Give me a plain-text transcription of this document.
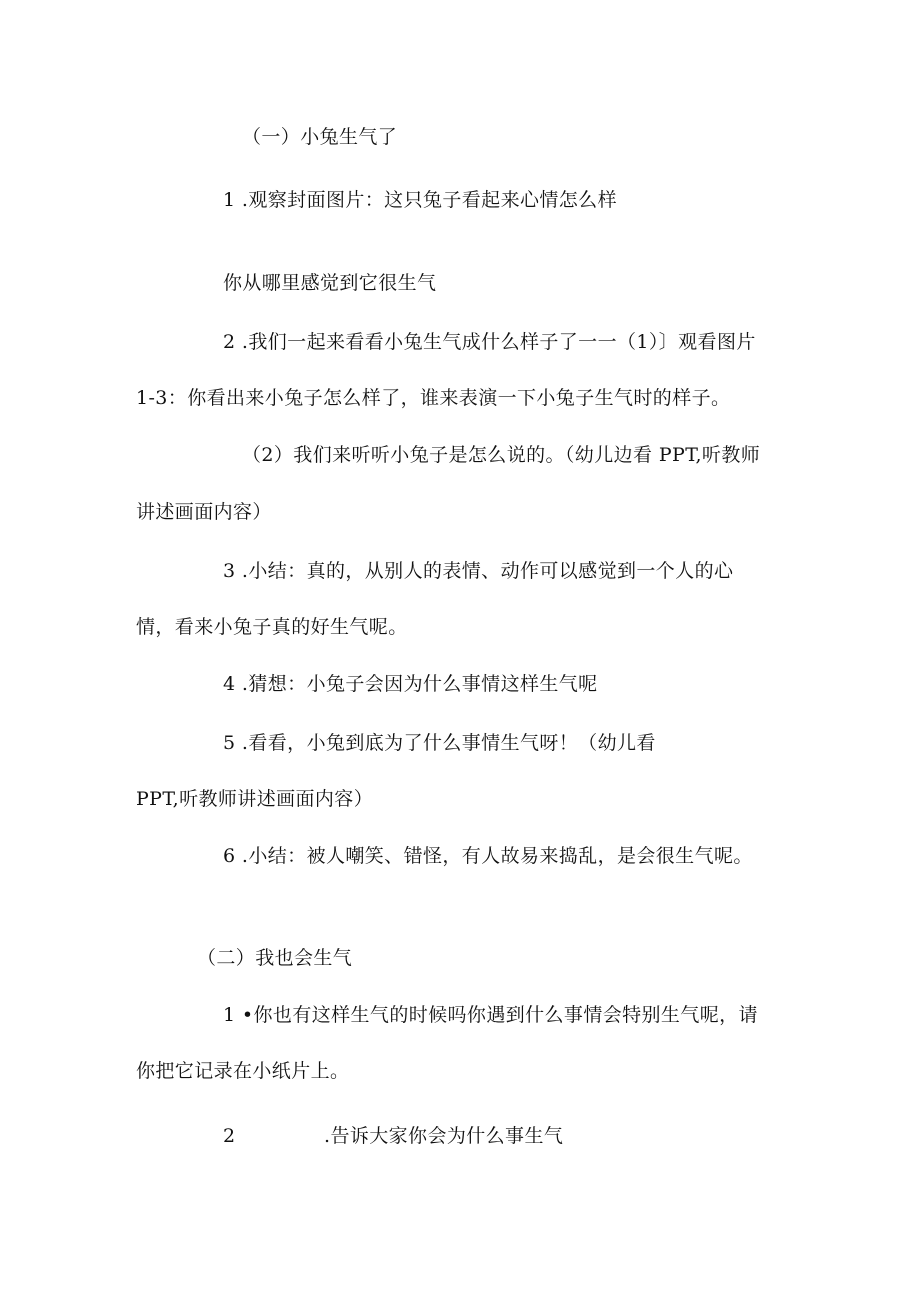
（一）小兔生气了
1 .观察封面图片：这只兔子看起来心情怎么样
你从哪里感觉到它很生气
2 .我们一起来看看小兔生气成什么样子了一一（1）〕观看图片
1-3：你看出来小兔子怎么样了，谁来表演一下小兔子生气时的样子。
（2）我们来听听小兔子是怎么说的。（幼儿边看 PPT,听教师
讲述画面内容）
3 .小结：真的，从别人的表情、动作可以感觉到一个人的心
情，看来小兔子真的好生气呢。
4 .猜想：小兔子会因为什么事情这样生气呢
5 .看看，小兔到底为了什么事情生气呀！（幼儿看
PPT,听教师讲述画面内容）
6 .小结：被人嘲笑、错怪，有人故易来捣乱，是会很生气呢。
（二）我也会生气
1 •你也有这样生气的时候吗你遇到什么事情会特别生气呢，请
你把它记录在小纸片上。
2	.告诉大家你会为什么事生气
